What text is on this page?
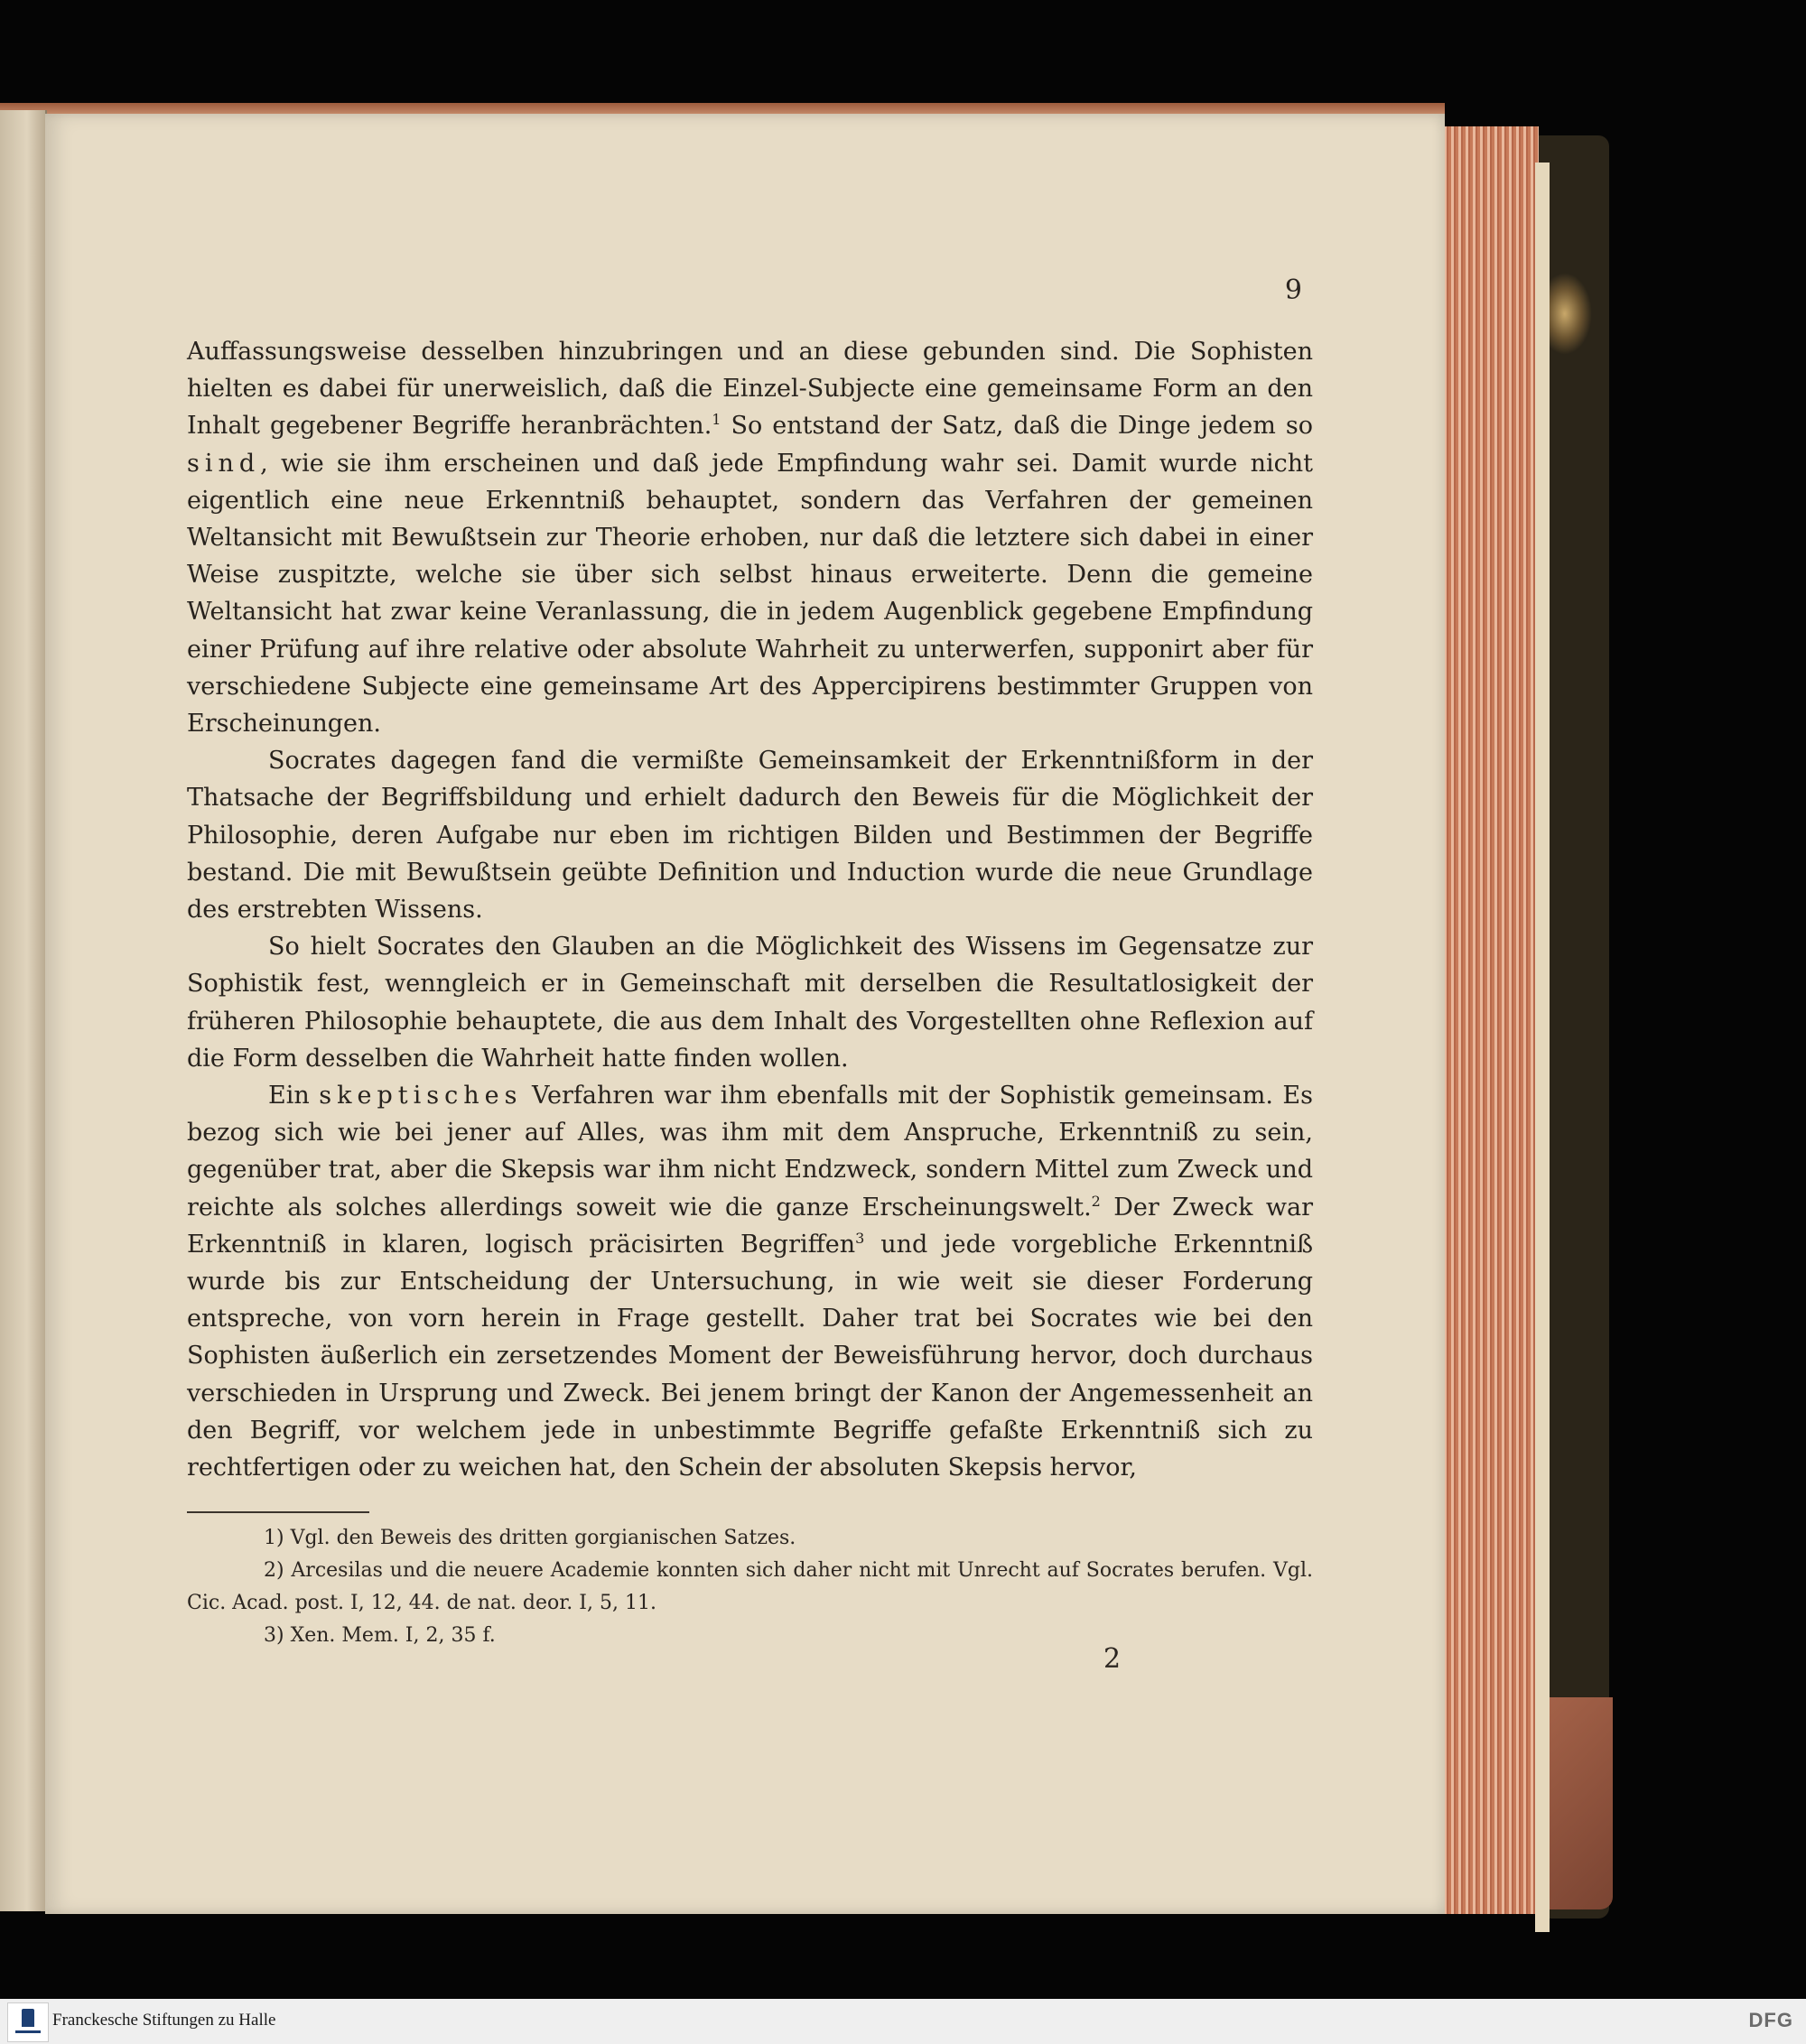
9

Auffassungsweise desselben hinzubringen und an diese gebunden sind. Die Sophisten hielten es dabei für unerweislich, daß die Einzel-Subjecte eine gemeinsame Form an den Inhalt gegebener Begriffe heranbrächten.$^1$ So entstand der Satz, daß die Dinge jedem so sind, wie sie ihm erscheinen und daß jede Empfindung wahr sei. Damit wurde nicht eigentlich eine neue Erkenntniß behauptet, sondern das Verfahren der gemeinen Weltansicht mit Bewußtsein zur Theorie erhoben, nur daß die letztere sich dabei in einer Weise zuspitzte, welche sie über sich selbst hinaus erweiterte. Denn die gemeine Weltansicht hat zwar keine Veranlassung, die in jedem Augenblick gegebene Empfindung einer Prüfung auf ihre relative oder absolute Wahrheit zu unterwerfen, supponirt aber für verschiedene Subjecte eine gemeinsame Art des Appercipirens bestimmter Gruppen von Erscheinungen.

Socrates dagegen fand die vermißte Gemeinsamkeit der Erkenntnißform in der Thatsache der Begriffsbildung und erhielt dadurch den Beweis für die Möglichkeit der Philosophie, deren Aufgabe nur eben im richtigen Bilden und Bestimmen der Begriffe bestand. Die mit Bewußtsein geübte Definition und Induction wurde die neue Grundlage des erstrebten Wissens.

So hielt Socrates den Glauben an die Möglichkeit des Wissens im Gegensatze zur Sophistik fest, wenngleich er in Gemeinschaft mit derselben die Resultatlosigkeit der früheren Philosophie behauptete, die aus dem Inhalt des Vorgestellten ohne Reflexion auf die Form desselben die Wahrheit hatte finden wollen.

Ein skeptisches Verfahren war ihm ebenfalls mit der Sophistik gemeinsam. Es bezog sich wie bei jener auf Alles, was ihm mit dem Anspruche, Erkenntniß zu sein, gegenüber trat, aber die Skepsis war ihm nicht Endzweck, sondern Mittel zum Zweck und reichte als solches allerdings soweit wie die ganze Erscheinungswelt.$^2$ Der Zweck war Erkenntniß in klaren, logisch präcisirten Begriffen$^3$ und jede vorgebliche Erkenntniß wurde bis zur Entscheidung der Untersuchung, in wie weit sie dieser Forderung entspreche, von vorn herein in Frage gestellt. Daher trat bei Socrates wie bei den Sophisten äußerlich ein zersetzendes Moment der Beweisführung hervor, doch durchaus verschieden in Ursprung und Zweck. Bei jenem bringt der Kanon der Angemessenheit an den Begriff, vor welchem jede in unbestimmte Begriffe gefaßte Erkenntniß sich zu rechtfertigen oder zu weichen hat, den Schein der absoluten Skepsis hervor,

1) Vgl. den Beweis des dritten gorgianischen Satzes.

2) Arcesilas und die neuere Academie konnten sich daher nicht mit Unrecht auf Socrates berufen. Vgl. Cic. Acad. post. I, 12, 44. de nat. deor. I, 5, 11.

3) Xen. Mem. I, 2, 35 f.

2
Franckesche Stiftungen zu Halle	DFG
